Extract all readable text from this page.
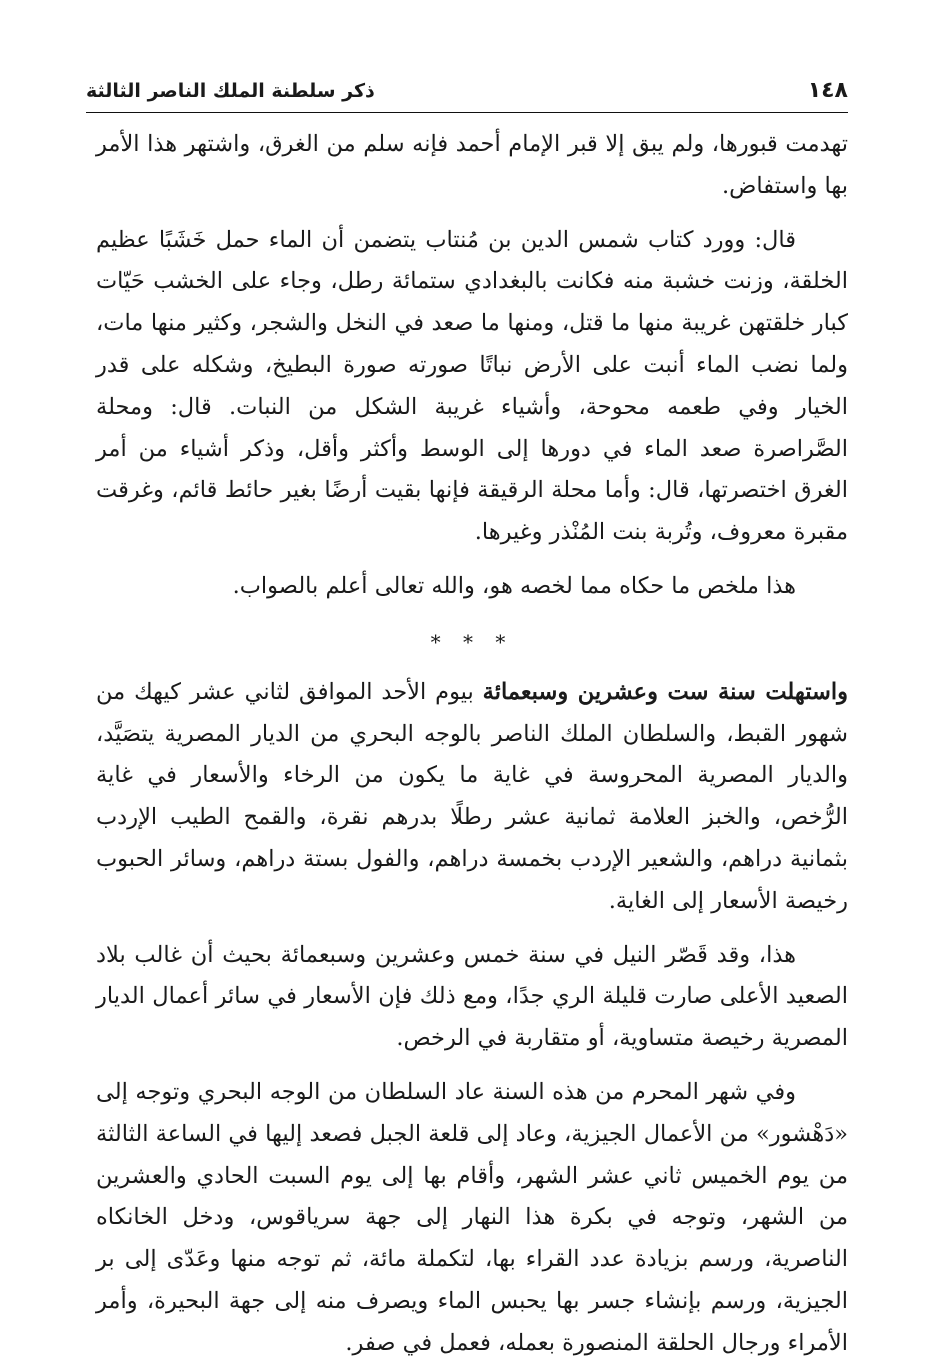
١٤٨
ذكر سلطنة الملك الناصر الثالثة

تهدمت قبورها، ولم يبق إلا قبر الإمام أحمد فإنه سلم من الغرق، واشتهر هذا الأمر بها واستفاض.

قال: وورد كتاب شمس الدين بن مُنتاب يتضمن أن الماء حمل خَشَبًا عظيم الخلقة، وزنت خشبة منه فكانت بالبغدادي ستمائة رطل، وجاء على الخشب حَيّات كبار خلقتهن غريبة منها ما قتل، ومنها ما صعد في النخل والشجر، وكثير منها مات، ولما نضب الماء أنبت على الأرض نباتًا صورته صورة البطيخ، وشكله على قدر الخيار وفي طعمه محوحة، وأشياء غريبة الشكل من النبات. قال: ومحلة الصَّراصرة صعد الماء في دورها إلى الوسط وأكثر وأقل، وذكر أشياء من أمر الغرق اختصرتها، قال: وأما محلة الرقيقة فإنها بقيت أرضًا بغير حائط قائم، وغرقت مقبرة معروف، وتُربة بنت المُنْذر وغيرها.

هذا ملخص ما حكاه مما لخصه هو، والله تعالى أعلم بالصواب.

* * *

واستهلت سنة ست وعشرين وسبعمائة بيوم الأحد الموافق لثاني عشر كيهك من شهور القبط، والسلطان الملك الناصر بالوجه البحري من الديار المصرية يتصَيَّد، والديار المصرية المحروسة في غاية ما يكون من الرخاء والأسعار في غاية الرُّخص، والخبز العلامة ثمانية عشر رطلًا بدرهم نقرة، والقمح الطيب الإردب بثمانية دراهم، والشعير الإردب بخمسة دراهم، والفول بستة دراهم، وسائر الحبوب رخيصة الأسعار إلى الغاية.

هذا، وقد قَصّر النيل في سنة خمس وعشرين وسبعمائة بحيث أن غالب بلاد الصعيد الأعلى صارت قليلة الري جدًا، ومع ذلك فإن الأسعار في سائر أعمال الديار المصرية رخيصة متساوية، أو متقاربة في الرخص.

وفي شهر المحرم من هذه السنة عاد السلطان من الوجه البحري وتوجه إلى «دَهْشور» من الأعمال الجيزية، وعاد إلى قلعة الجبل فصعد إليها في الساعة الثالثة من يوم الخميس ثاني عشر الشهر، وأقام بها إلى يوم السبت الحادي والعشرين من الشهر، وتوجه في بكرة هذا النهار إلى جهة سرياقوس، ودخل الخانكاه الناصرية، ورسم بزيادة عدد القراء بها، لتكملة مائة، ثم توجه منها وعَدّى إلى بر الجيزية، ورسم بإنشاء جسر بها يحبس الماء ويصرف منه إلى جهة البحيرة، وأمر الأمراء ورجال الحلقة المنصورة بعمله، فعمل في صفر.
